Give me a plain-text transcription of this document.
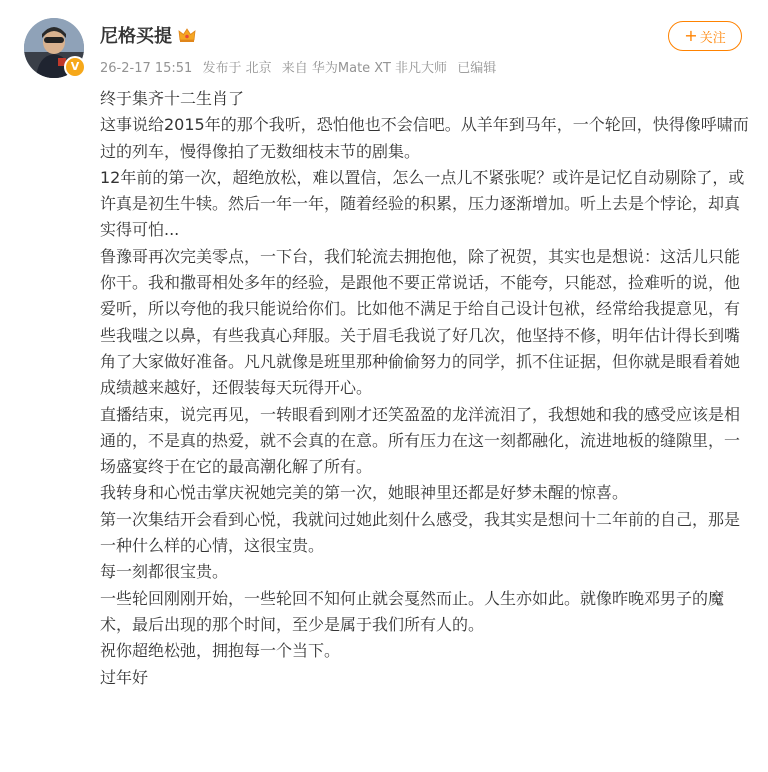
V
尼格买提
26-2-17 15:51 发布于 北京 来自 华为Mate XT 非凡大师 已编辑
+ 关注

终于集齐十二生肖了

这事说给2015年的那个我听，恐怕他也不会信吧。从羊年到马年，一个轮回，快得像呼啸而过的列车，慢得像拍了无数细枝末节的剧集。

12年前的第一次，超绝放松，难以置信，怎么一点儿不紧张呢？或许是记忆自动剔除了，或许真是初生牛犊。然后一年一年，随着经验的积累，压力逐渐增加。听上去是个悖论，却真实得可怕...

鲁豫哥再次完美零点，一下台，我们轮流去拥抱他，除了祝贺，其实也是想说：这活儿只能你干。我和撒哥相处多年的经验，是跟他不要正常说话，不能夸，只能怼，捡难听的说，他爱听，所以夸他的我只能说给你们。比如他不满足于给自己设计包袱，经常给我提意见，有些我嗤之以鼻，有些我真心拜服。关于眉毛我说了好几次，他坚持不修，明年估计得长到嘴角了大家做好准备。凡凡就像是班里那种偷偷努力的同学，抓不住证据，但你就是眼看着她成绩越来越好，还假装每天玩得开心。

直播结束，说完再见，一转眼看到刚才还笑盈盈的龙洋流泪了，我想她和我的感受应该是相通的，不是真的热爱，就不会真的在意。所有压力在这一刻都融化，流进地板的缝隙里，一场盛宴终于在它的最高潮化解了所有。

我转身和心悦击掌庆祝她完美的第一次，她眼神里还都是好梦未醒的惊喜。

第一次集结开会看到心悦，我就问过她此刻什么感受，我其实是想问十二年前的自己，那是一种什么样的心情，这很宝贵。

每一刻都很宝贵。

一些轮回刚刚开始，一些轮回不知何止就会戛然而止。人生亦如此。就像昨晚邓男子的魔术，最后出现的那个时间，至少是属于我们所有人的。

祝你超绝松弛，拥抱每一个当下。

过年好
